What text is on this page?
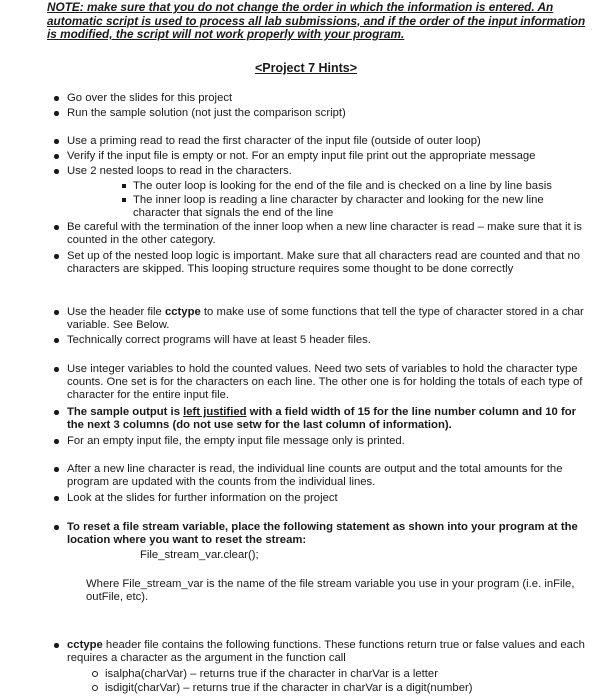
NOTE: make sure that you do not change the order in which the information is entered. An automatic script is used to process all lab submissions, and if the order of the input information is modified, the script will not work properly with your program.
<Project 7 Hints>
Go over the slides for this project
Run the sample solution (not just the comparison script)
Use a priming read to read the first character of the input file (outside of outer loop)
Verify if the input file is empty or not. For an empty input file print out the appropriate message
Use 2 nested loops to read in the characters.
The outer loop is looking for the end of the file and is checked on a line by line basis
The inner loop is reading a line character by character and looking for the new line character that signals the end of the line
Be careful with the termination of the inner loop when a new line character is read – make sure that it is counted in the other category.
Set up of the nested loop logic is important. Make sure that all characters read are counted and that no characters are skipped. This looping structure requires some thought to be done correctly
Use the header file cctype to make use of some functions that tell the type of character stored in a char variable. See Below.
Technically correct programs will have at least 5 header files.
Use integer variables to hold the counted values. Need two sets of variables to hold the character type counts. One set is for the characters on each line. The other one is for holding the totals of each type of character for the entire input file.
The sample output is left justified with a field width of 15 for the line number column and 10 for the next 3 columns (do not use setw for the last column of information).
For an empty input file, the empty input file message only is printed.
After a new line character is read, the individual line counts are output and the total amounts for the program are updated with the counts from the individual lines.
Look at the slides for further information on the project
To reset a file stream variable, place the following statement as shown into your program at the location where you want to reset the stream:
File_stream_var.clear();
Where File_stream_var is the name of the file stream variable you use in your program (i.e. inFile, outFile, etc).
cctype header file contains the following functions. These functions return true or false values and each requires a character as the argument in the function call
isalpha(charVar) – returns true if the character in charVar is a letter
isdigit(charVar) – returns true if the character in charVar is a digit(number)
